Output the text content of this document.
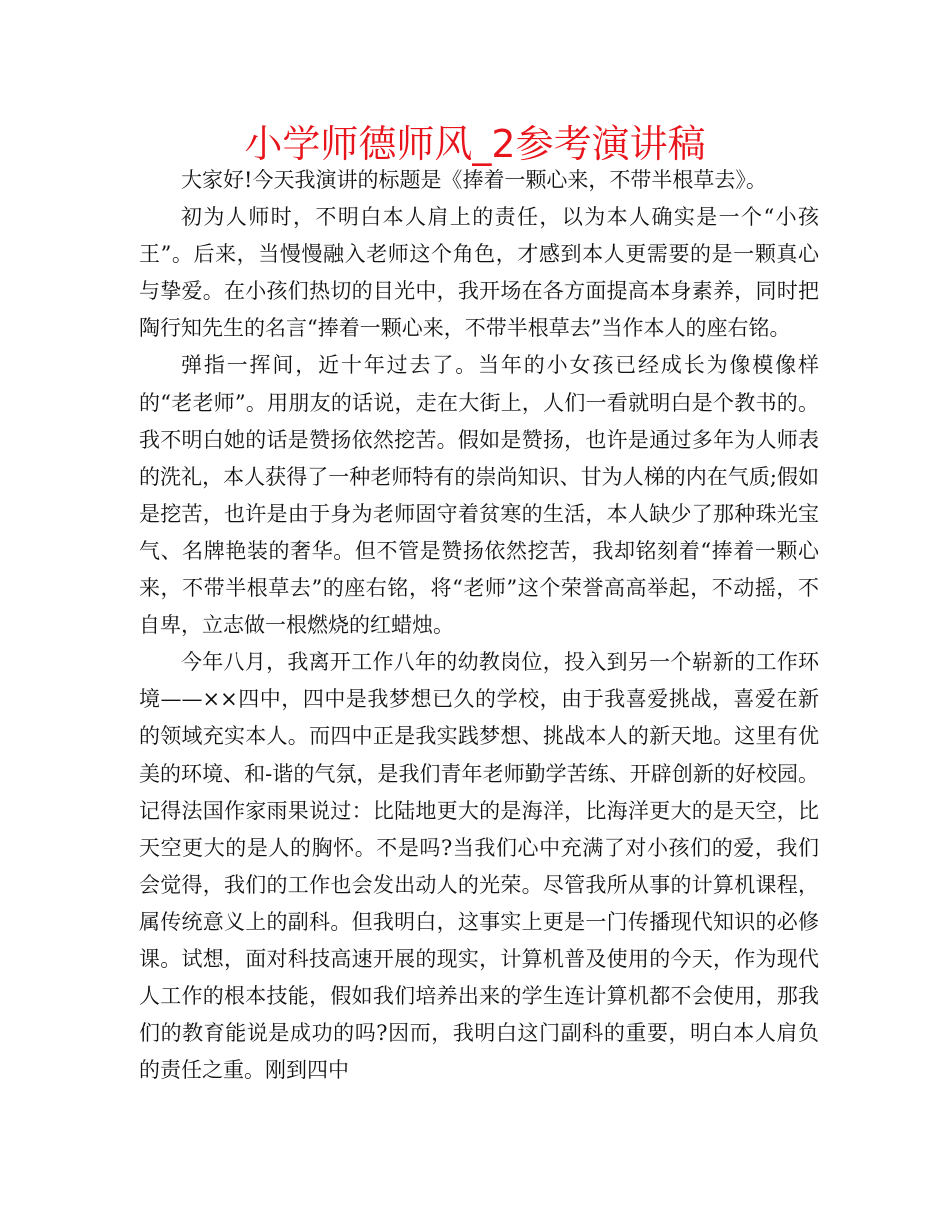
小学师德师风_2参考演讲稿

大家好!今天我演讲的标题是《捧着一颗心来，不带半根草去》。

初为人师时，不明白本人肩上的责任，以为本人确实是一个“小孩王”。后来，当慢慢融入老师这个角色，才感到本人更需要的是一颗真心与挚爱。在小孩们热切的目光中，我开场在各方面提高本身素养，同时把陶行知先生的名言“捧着一颗心来，不带半根草去”当作本人的座右铭。

弹指一挥间，近十年过去了。当年的小女孩已经成长为像模像样的“老老师”。用朋友的话说，走在大街上，人们一看就明白是个教书的。我不明白她的话是赞扬依然挖苦。假如是赞扬，也许是通过多年为人师表的洗礼，本人获得了一种老师特有的崇尚知识、甘为人梯的内在气质;假如是挖苦，也许是由于身为老师固守着贫寒的生活，本人缺少了那种珠光宝气、名牌艳装的奢华。但不管是赞扬依然挖苦，我却铭刻着“捧着一颗心来，不带半根草去”的座右铭，将“老师”这个荣誉高高举起，不动摇，不自卑，立志做一根燃烧的红蜡烛。

今年八月，我离开工作八年的幼教岗位，投入到另一个崭新的工作环境——××四中，四中是我梦想已久的学校，由于我喜爱挑战，喜爱在新的领域充实本人。而四中正是我实践梦想、挑战本人的新天地。这里有优美的环境、和-谐的气氛，是我们青年老师勤学苦练、开辟创新的好校园。记得法国作家雨果说过：比陆地更大的是海洋，比海洋更大的是天空，比天空更大的是人的胸怀。不是吗?当我们心中充满了对小孩们的爱，我们会觉得，我们的工作也会发出动人的光荣。尽管我所从事的计算机课程，属传统意义上的副科。但我明白，这事实上更是一门传播现代知识的必修课。试想，面对科技高速开展的现实，计算机普及使用的今天，作为现代人工作的根本技能，假如我们培养出来的学生连计算机都不会使用，那我们的教育能说是成功的吗?因而，我明白这门副科的重要，明白本人肩负的责任之重。刚到四中
